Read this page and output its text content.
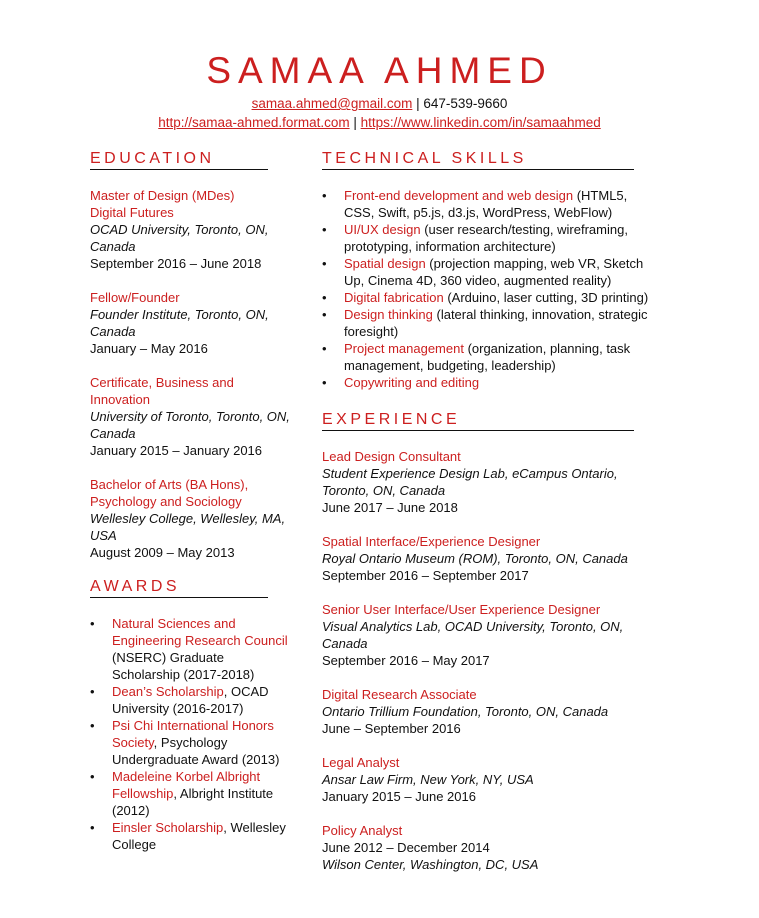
SAMAA AHMED
samaa.ahmed@gmail.com | 647-539-9660
http://samaa-ahmed.format.com | https://www.linkedin.com/in/samaahmed
EDUCATION
Master of Design (MDes)
Digital Futures
OCAD University, Toronto, ON, Canada
September 2016 – June 2018
Fellow/Founder
Founder Institute, Toronto, ON, Canada
January – May 2016
Certificate, Business and Innovation
University of Toronto, Toronto, ON, Canada
January 2015 – January 2016
Bachelor of Arts (BA Hons),
Psychology and Sociology
Wellesley College, Wellesley, MA, USA
August 2009 – May 2013
AWARDS
• Natural Sciences and Engineering Research Council (NSERC) Graduate Scholarship (2017-2018)
• Dean’s Scholarship, OCAD University (2016-2017)
• Psi Chi International Honors Society, Psychology Undergraduate Award (2013)
• Madeleine Korbel Albright Fellowship, Albright Institute (2012)
• Einsler Scholarship, Wellesley College
TECHNICAL SKILLS
• Front-end development and web design (HTML5, CSS, Swift, p5.js, d3.js, WordPress, WebFlow)
• UI/UX design (user research/testing, wireframing, prototyping, information architecture)
• Spatial design (projection mapping, web VR, Sketch Up, Cinema 4D, 360 video, augmented reality)
• Digital fabrication (Arduino, laser cutting, 3D printing)
• Design thinking (lateral thinking, innovation, strategic foresight)
• Project management (organization, planning, task management, budgeting, leadership)
• Copywriting and editing
EXPERIENCE
Lead Design Consultant
Student Experience Design Lab, eCampus Ontario, Toronto, ON, Canada
June 2017 – June 2018
Spatial Interface/Experience Designer
Royal Ontario Museum (ROM), Toronto, ON, Canada
September 2016 – September 2017
Senior User Interface/User Experience Designer
Visual Analytics Lab, OCAD University, Toronto, ON, Canada
September 2016 – May 2017
Digital Research Associate
Ontario Trillium Foundation, Toronto, ON, Canada
June – September 2016
Legal Analyst
Ansar Law Firm, New York, NY, USA
January 2015 – June 2016
Policy Analyst
June 2012 – December 2014
Wilson Center, Washington, DC, USA
